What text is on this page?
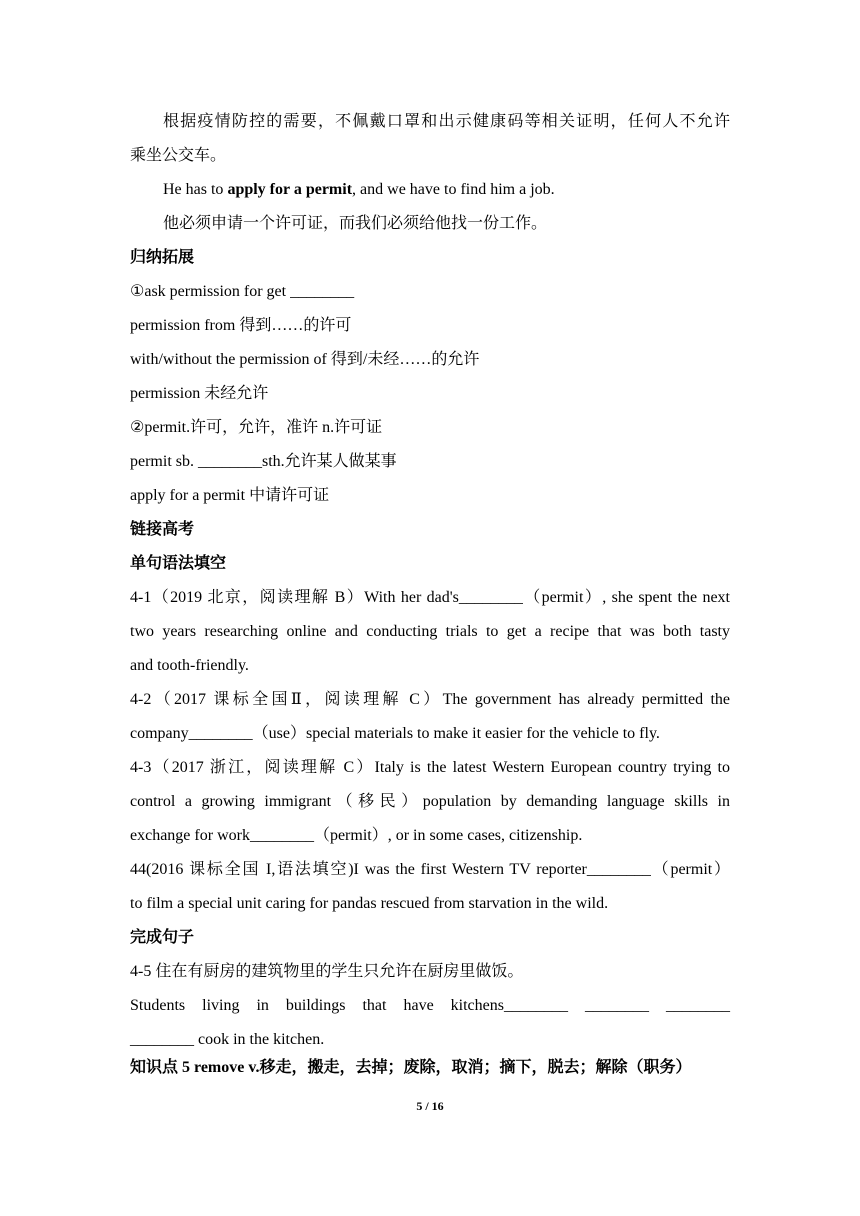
根据疫情防控的需要，不佩戴口罩和出示健康码等相关证明，任何人不允许
乘坐公交车。
He has to apply for a permit, and we have to find him a job.
他必须申请一个许可证，而我们必须给他找一份工作。
归纳拓展
①ask permission for get ________
permission from 得到……的许可
with/without the permission of 得到/未经……的允许
permission 未经允许
②permit.许可，允许，准许 n.许可证
permit sb. ________sth.允许某人做某事
apply for a permit 中请许可证
链接高考
单句语法填空
4-1（2019 北京，阅读理解 B）With her dad's________（permit）, she spent the next
two years researching online and conducting trials to get a recipe that was both tasty
and tooth-friendly.
4-2（2017 课标全国Ⅱ，阅读理解 C）The government has already permitted the
company________（use）special materials to make it easier for the vehicle to fly.
4-3（2017 浙江，阅读理解 C）Italy is the latest Western European country trying to
control a growing immigrant（移民）population by demanding language skills in
exchange for work________（permit）, or in some cases, citizenship.
44(2016 课标全国 I,语法填空)I was the first Western TV reporter________（permit）
to film a special unit caring for pandas rescued from starvation in the wild.
完成句子
4-5 住在有厨房的建筑物里的学生只允许在厨房里做饭。
Students living in buildings that have kitchens________ ________ ________
________ cook in the kitchen.
知识点 5 remove v.移走，搬走，去掉；废除，取消；摘下，脱去；解除（职务）
5 / 16
